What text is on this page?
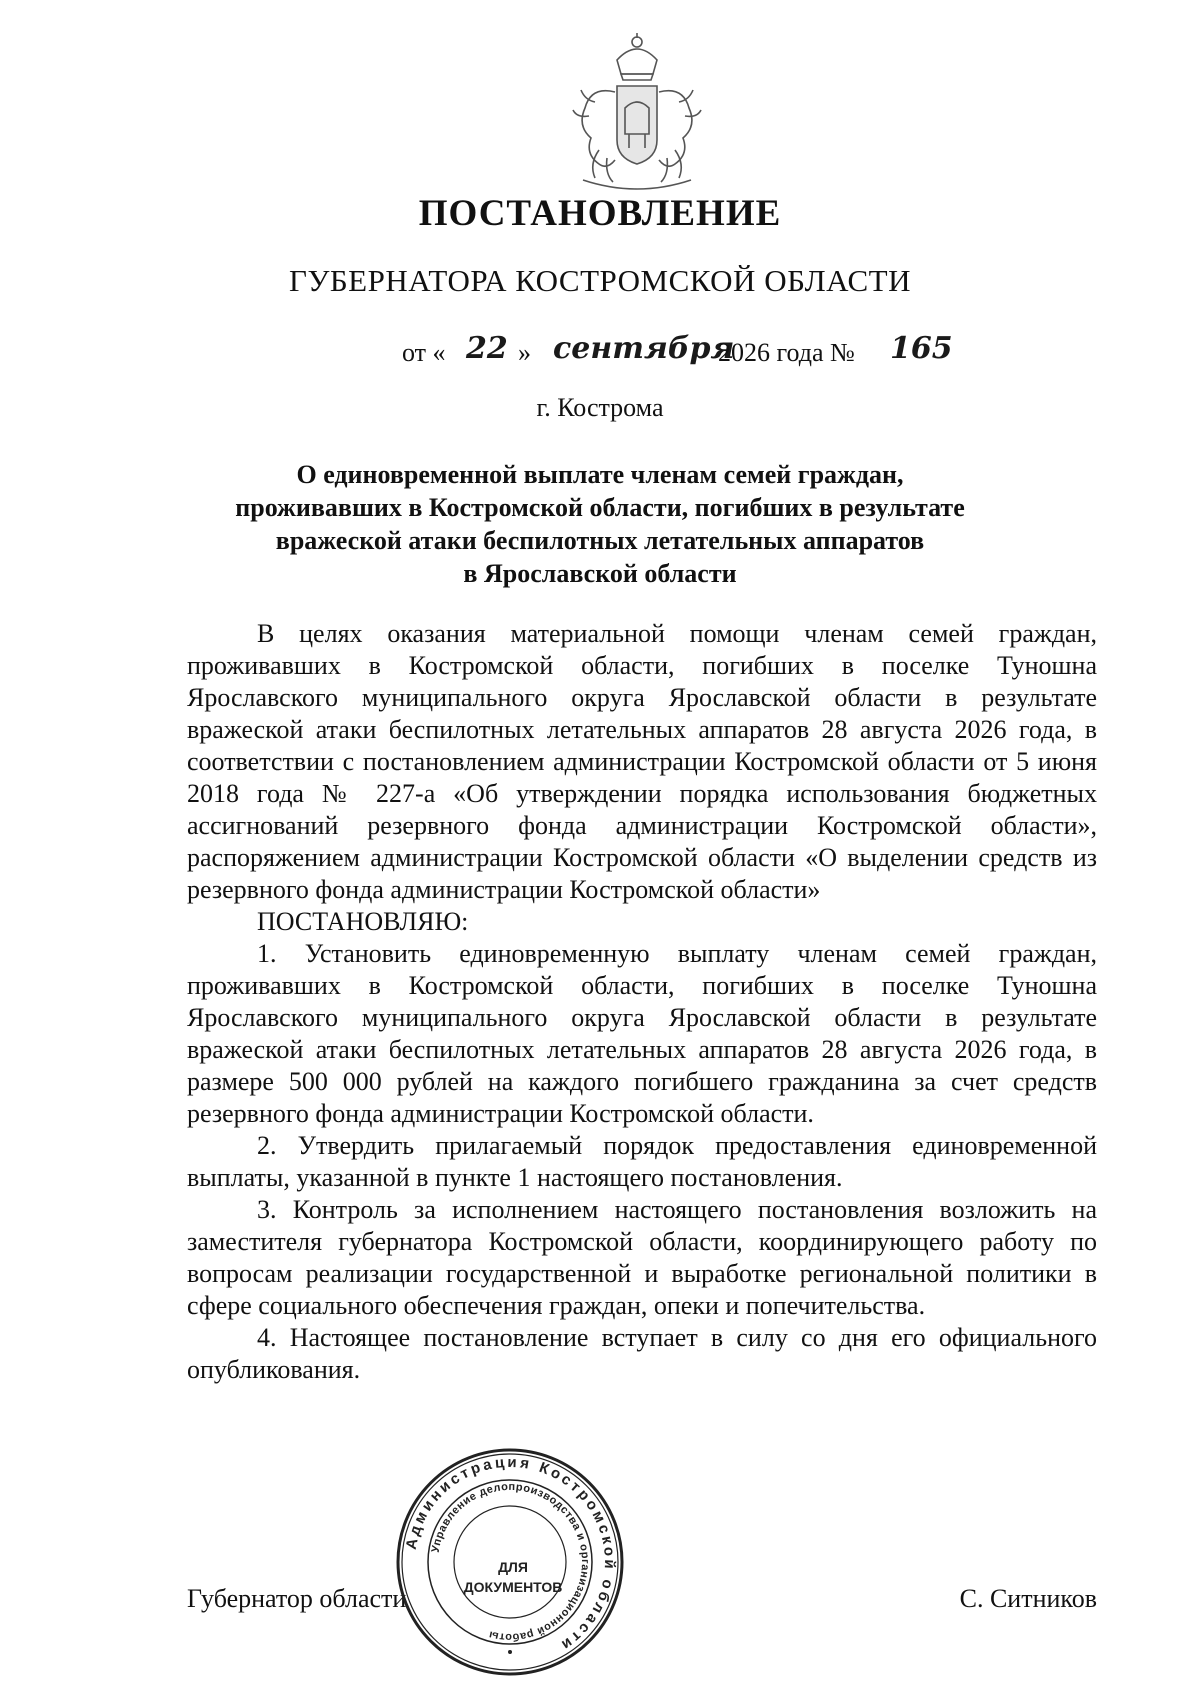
ПОСТАНОВЛЕНИЕ
ГУБЕРНАТОРА КОСТРОМСКОЙ ОБЛАСТИ
от « 22 » сентября
2026 года № 165
г. Кострома
О единовременной выплате членам семей граждан,
проживавших в Костромской области, погибших в результате
вражеской атаки беспилотных летательных аппаратов
в Ярославской области

В целях оказания материальной помощи членам семей граждан, проживавших в Костромской области, погибших в поселке Туношна Ярославского муниципального округа Ярославской области в результате вражеской атаки беспилотных летательных аппаратов 28 августа 2026 года, в соответствии с постановлением администрации Костромской области от 5 июня 2018 года № 227-а «Об утверждении порядка использования бюджетных ассигнований резервного фонда администрации Костромской области», распоряжением администрации Костромской области «О выделении средств из резервного фонда администрации Костромской области»

ПОСТАНОВЛЯЮ:

1. Установить единовременную выплату членам семей граждан, проживавших в Костромской области, погибших в поселке Туношна Ярославского муниципального округа Ярославской области в результате вражеской атаки беспилотных летательных аппаратов 28 августа 2026 года, в размере 500 000 рублей на каждого погибшего гражданина за счет средств резервного фонда администрации Костромской области.

2. Утвердить прилагаемый порядок предоставления единовременной выплаты, указанной в пункте 1 настоящего постановления.

3. Контроль за исполнением настоящего постановления возложить на заместителя губернатора Костромской области, координирующего работу по вопросам реализации государственной и выработке региональной политики в сфере социального обеспечения граждан, опеки и попечительства.

4. Настоящее постановление вступает в силу со дня его официального опубликования.

Губернатор области	С. Ситников
Администрация Костромской области
Управление делопроизводства и организационной работы
ДЛЯ
ДОКУМЕНТОВ
